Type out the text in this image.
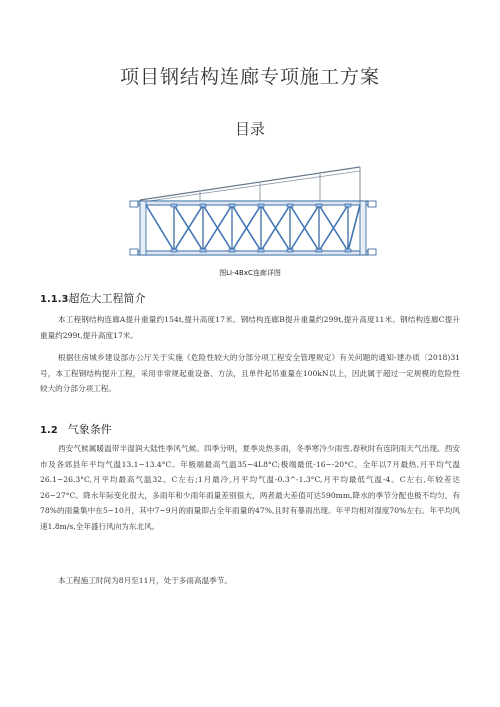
项目钢结构连廊专项施工方案
目录
图LI-4BxC连廊详图
1.1.3超危大工程简介

本工程钢结构连廊A提升重量约154t,提升高度17米。钢结构连廊B提升重量约299t,提升高度11米。钢结构连廊C提升重量约299t,提升高度17米。

根据住房城乡建设部办公厅关于实施《危险性较大的分部分项工程安全管理规定》有关问题的通知-建办质〔2018)31号，本工程钢结构提升工程，采用非常规起重设备、方法，且单件起吊重量在100kN以上，因此属于超过一定规模的危险性较大的分部分项工程。

1.2 气象条件

西安气候属暖温带半湿润大陆性季风气候。四季分明，夏季炎热多雨，冬季寒冷少雨雪,春秋时有连阴雨天气出现。西安市及各郊县年平均气温13.1~13.4°C。年极端最高气温35~4L8°C;极端最低-16~-20°C。全年以7月最热,月平均气温26.1~26.3°C,月平均最高气温32。C左右;1月最冷,月平均气温-0.3^-1.3°C,月平均最低气温-4。C左右,年较差达26~27°C。降水年际变化很大，多雨年和少雨年雨量差别很大，两者最大差值可达590mm,降水的季节分配也极不均匀，有78%的雨量集中在5~10月，其中7~9月的雨量即占全年雨量的47%,且时有暴雨出现。年平均相对湿度70%左右。年平均风速1.8m/s,全年盛行风向为东北风。

本工程施工时间为8月至11月，处于多雨高温季节。
